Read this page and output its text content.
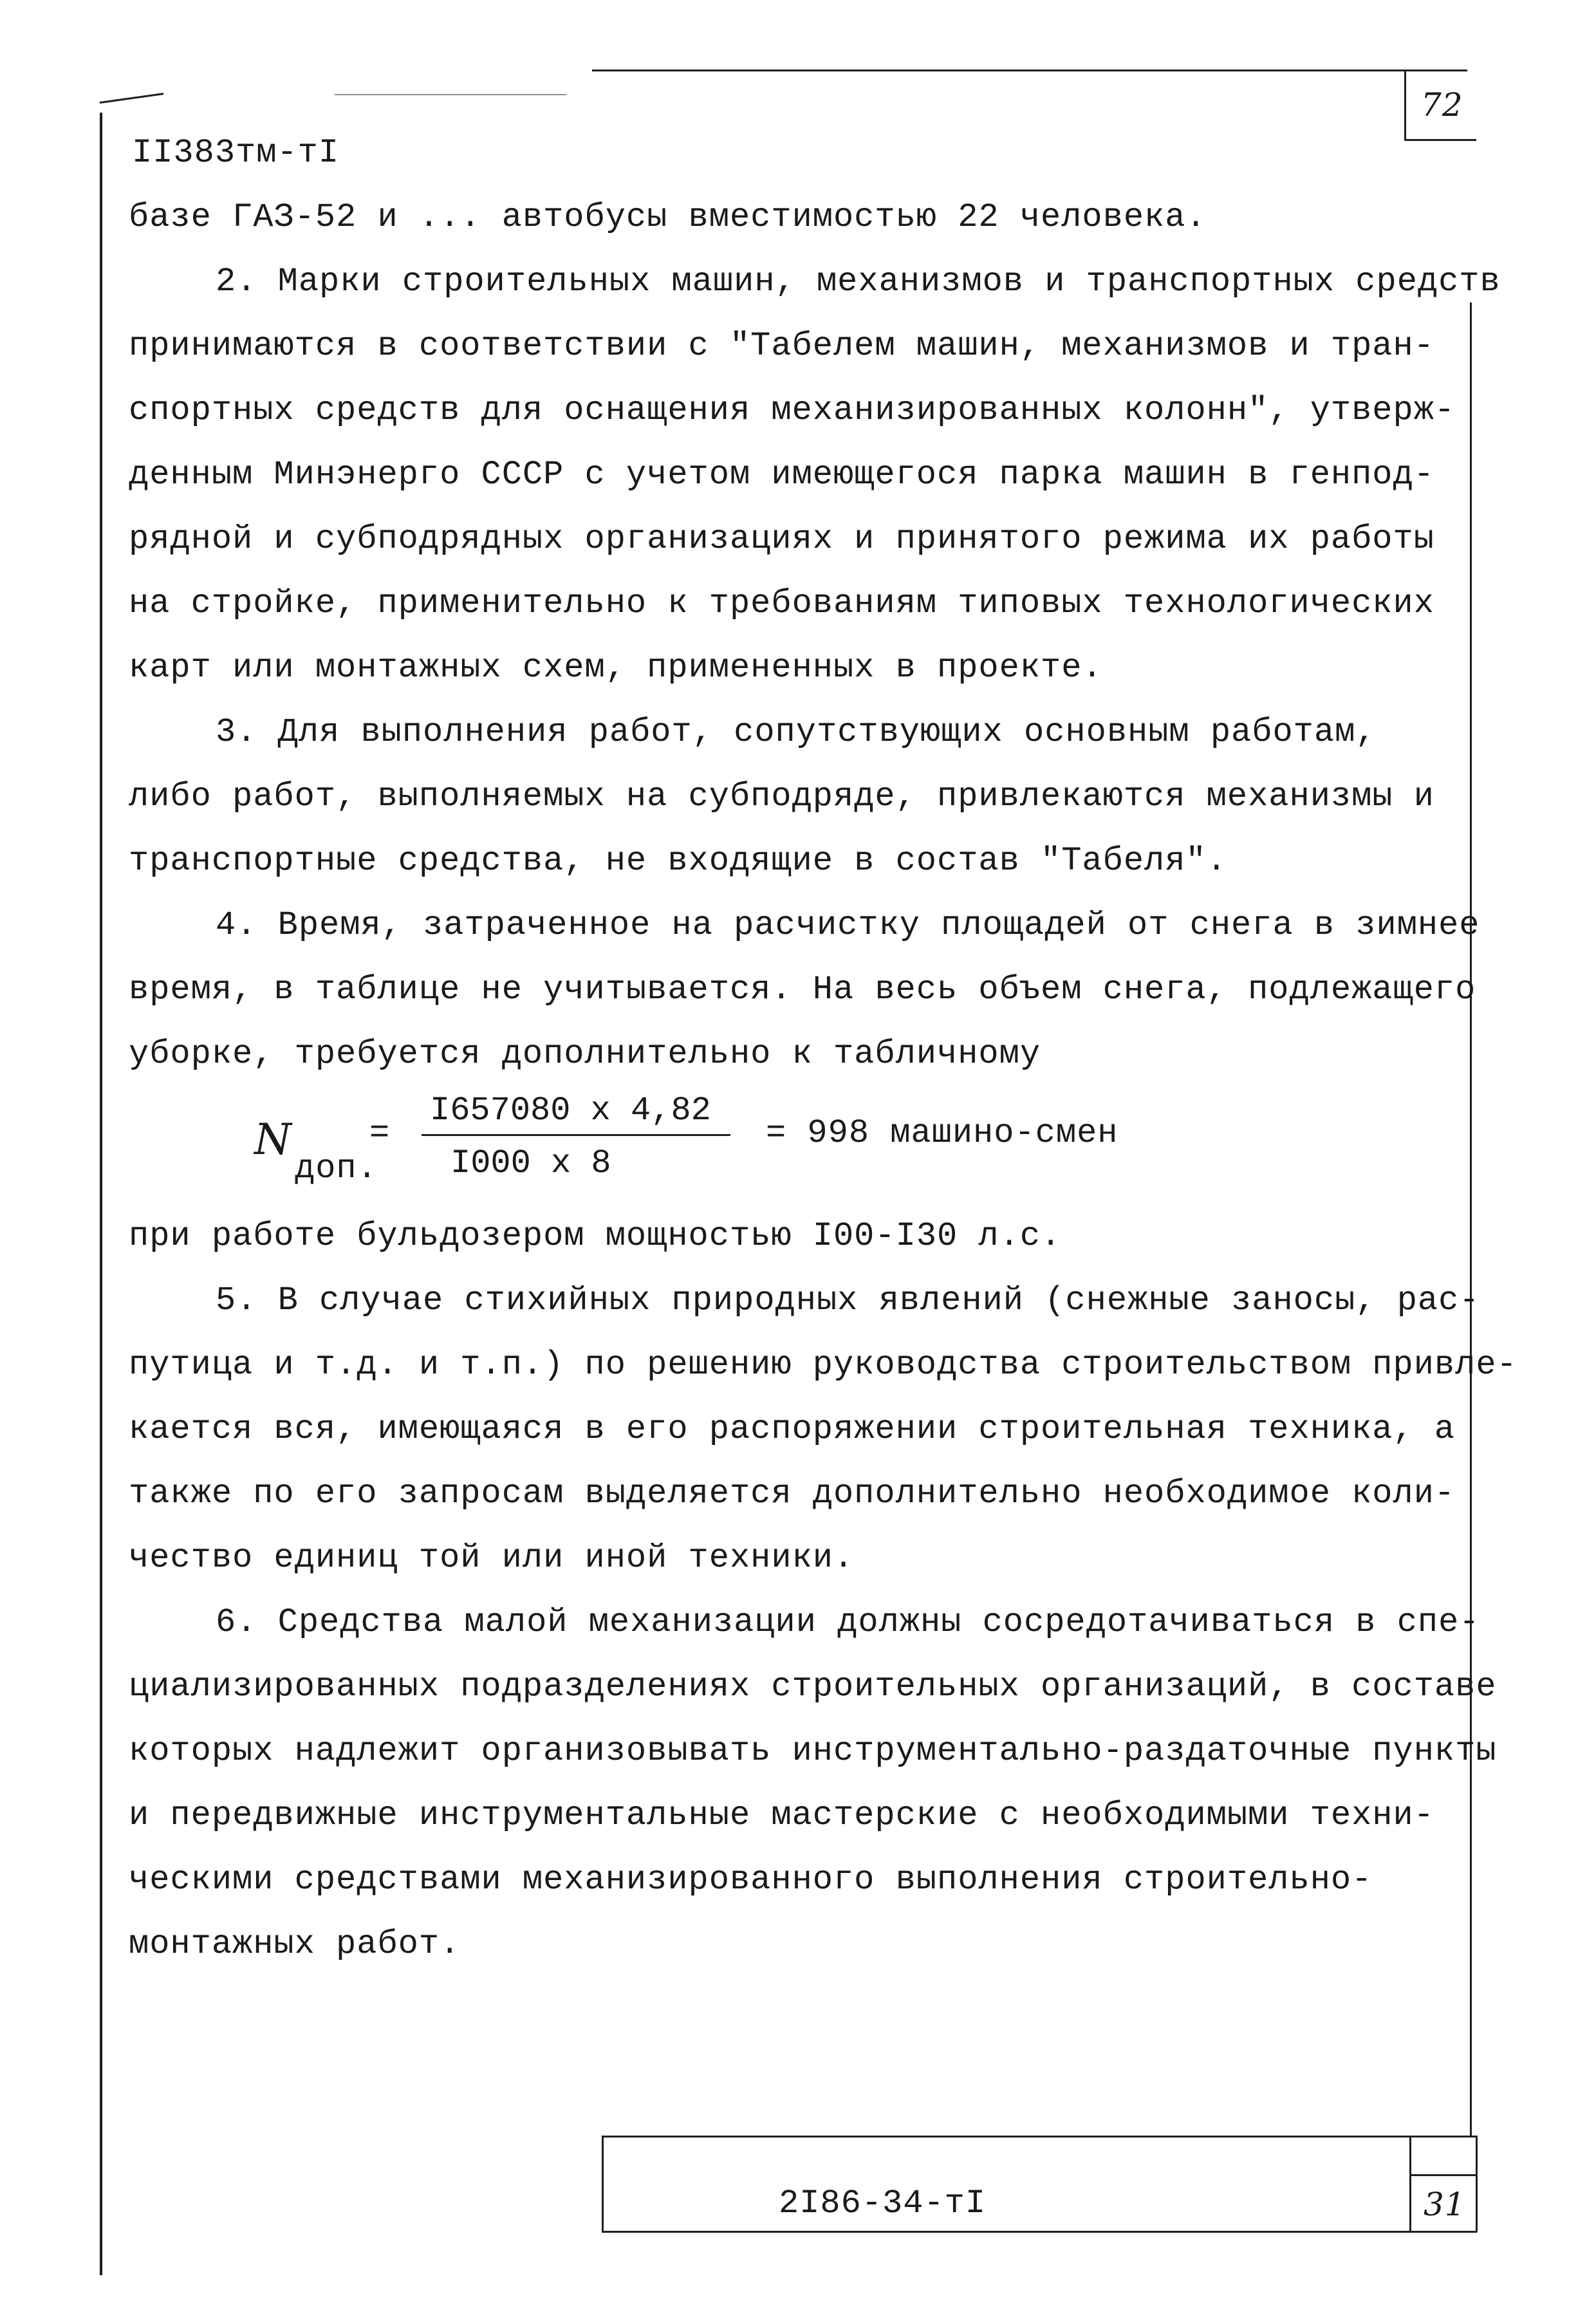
72
II383тм-тI
базе ГАЗ-52 и ... автобусы вместимостью 22 человека.
2. Марки строительных машин, механизмов и транспортных средств
принимаются в соответствии с "Табелем машин, механизмов и тран-
спортных средств для оснащения механизированных колонн", утверж-
денным Минэнерго СССР с учетом имеющегося парка машин в генпод-
рядной и субподрядных организациях и принятого режима их работы
на стройке, применительно к требованиям типовых технологических
карт или монтажных схем, примененных в проекте.
3. Для выполнения работ, сопутствующих основным работам,
либо работ, выполняемых на субподряде, привлекаются механизмы и
транспортные средства, не входящие в состав "Табеля".
4. Время, затраченное на расчистку площадей от снега в зимнее
время, в таблице не учитывается. На весь объем снега, подлежащего
уборке, требуется дополнительно к табличному
N
доп.
=
I657080 x 4,82
I000 x 8
= 998 машино-смен
при работе бульдозером мощностью I00-I30 л.с.
5. В случае стихийных природных явлений (снежные заносы, рас-
путица и т.д. и т.п.) по решению руководства строительством привле-
кается вся, имеющаяся в его распоряжении строительная техника, а
также по его запросам выделяется дополнительно необходимое коли-
чество единиц той или иной техники.
6. Средства малой механизации должны сосредотачиваться в спе-
циализированных подразделениях строительных организаций, в составе
которых надлежит организовывать инструментально-раздаточные пункты
и передвижные инструментальные мастерские с необходимыми техни-
ческими средствами механизированного выполнения строительно-
монтажных работ.
2I86-34-тI	31
